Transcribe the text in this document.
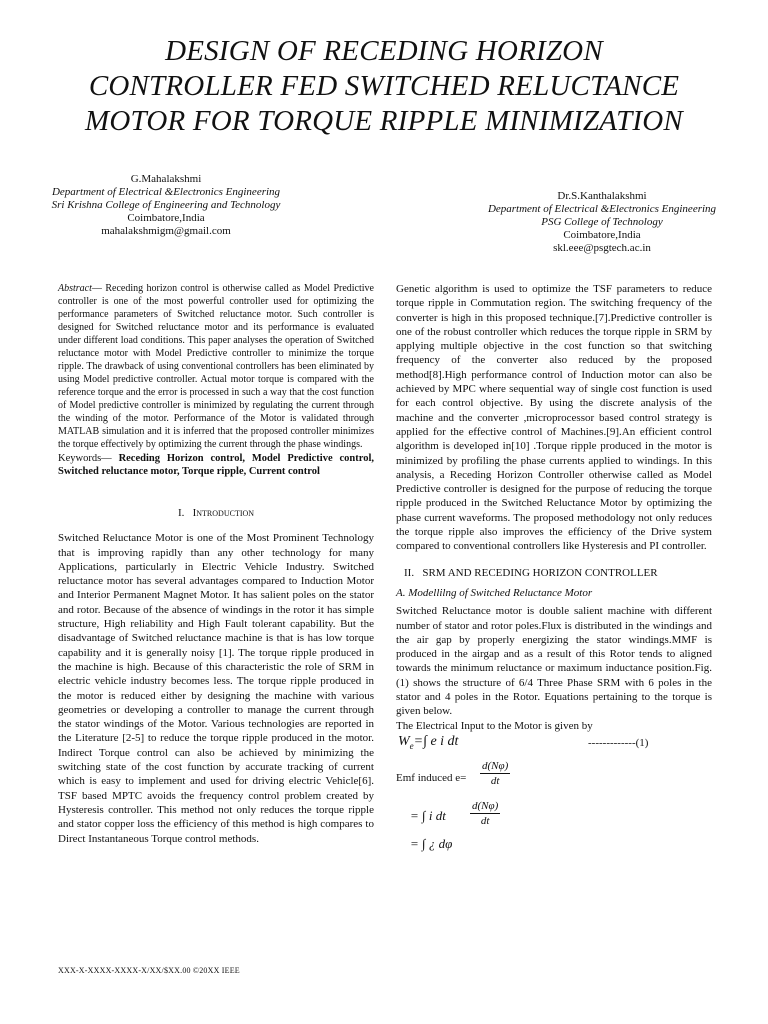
DESIGN OF RECEDING HORIZON
CONTROLLER FED SWITCHED RELUCTANCE
MOTOR FOR TORQUE RIPPLE MINIMIZATION
G.Mahalakshmi
Department of Electrical &Electronics Engineering
Sri Krishna College of Engineering and Technology
Coimbatore,India
mahalakshmigm@gmail.com
Dr.S.Kanthalakshmi
Department of Electrical &Electronics Engineering
PSG College of Technology
Coimbatore,India
skl.eee@psgtech.ac.in

Abstract— Receding horizon control is otherwise called as Model Predictive controller is one of the most powerful controller used for optimizing the performance parameters of Switched reluctance motor. Such controller is designed for Switched reluctance motor and its performance is evaluated under different load conditions. This paper analyses the operation of Switched reluctance motor with Model Predictive controller to minimize the torque ripple. The drawback of using conventional controllers has been eliminated by using Model predictive controller. Actual motor torque is compared with the reference torque and the error is processed in such a way that the cost function of Model predictive controller is minimized by regulating the current through the winding of the motor. Performance of the Motor is validated through MATLAB simulation and it is inferred that the proposed controller minimizes the torque effectively by optimizing the current through the phase windings.

Keywords— Receding Horizon control, Model Predictive control, Switched reluctance motor, Torque ripple, Current control

I. Introduction

Switched Reluctance Motor is one of the Most Prominent Technology that is improving rapidly than any other technology for many Applications, particularly in Electric Vehicle Industry. Switched reluctance motor has several advantages compared to Induction Motor and Interior Permanent Magnet Motor. It has salient poles on the stator and rotor. Because of the absence of windings in the rotor it has simple structure, High reliability and High Fault tolerant capability. But the disadvantage of Switched reluctance machine is that is has low torque capability and it is generally noisy [1]. The torque ripple produced in the machine is high. Because of this characteristic the role of SRM in electric vehicle industry becomes less. The torque ripple produced in the motor is reduced either by designing the machine with various geometries or developing a controller to manage the current through the stator windings of the Motor. Various technologies are reported in the Literature [2-5] to reduce the torque ripple produced in the motor. Indirect Torque control can also be achieved by minimizing the switching state of the cost function by accurate tracking of current which is easy to implement and used for driving electric Vehicle[6]. TSF based MPTC avoids the frequency control problem created by Hysteresis controller. This method not only reduces the torque ripple and stator copper loss the efficiency of this method is high compares to Direct Instantaneous Torque control methods.

Genetic algorithm is used to optimize the TSF parameters to reduce torque ripple in Commutation region. The switching frequency of the converter is high in this proposed technique.[7].Predictive controller is one of the robust controller which reduces the torque ripple in SRM by applying multiple objective in the cost function so that switching frequency of the converter also reduced by the proposed method[8].High performance control of Induction motor can also be achieved by MPC where sequential way of single cost function is used for each control objective. By using the discrete analysis of the machine and the converter ,microprocessor based control strategy is applied for the effective control of Machines.[9].An efficient control algorithm is developed in[10] .Torque ripple produced in the motor is minimized by profiling the phase currents applied to windings. In this analysis, a Receding Horizon Controller otherwise called as Model Predictive controller is designed for the purpose of reducing the torque ripple produced in the Switched Reluctance Motor by optimizing the phase current waveforms. The proposed methodology not only reduces the torque ripple also improves the efficiency of the Drive system compared to conventional controllers like Hysteresis and PI controller.

II. SRM AND RECEDING HORIZON CONTROLLER
A. Modellilng of Switched Reluctance Motor

Switched Reluctance motor is double salient machine with different number of stator and rotor poles.Flux is distributed in the windings and the air gap by properly energizing the stator windings.MMF is produced in the airgap and as a result of this Rotor tends to aligned towards the minimum reluctance or maximum inductance position.Fig.(1) shows the structure of 6/4 Three Phase SRM with 6 poles in the stator and 4 poles in the Rotor. Equations pertaining to the torque is given below.

The Electrical Input to the Motor is given by
$W_e=\int$ e i dt	-------------(1)
Emf induced $e= \frac{d(N\varphi)}{dt}$
= ∫ i dt $\frac{d(N\varphi)}{dt}$
= ∫ ¿ dφ
XXX-X-XXXX-XXXX-X/XX/$XX.00 ©20XX IEEE
